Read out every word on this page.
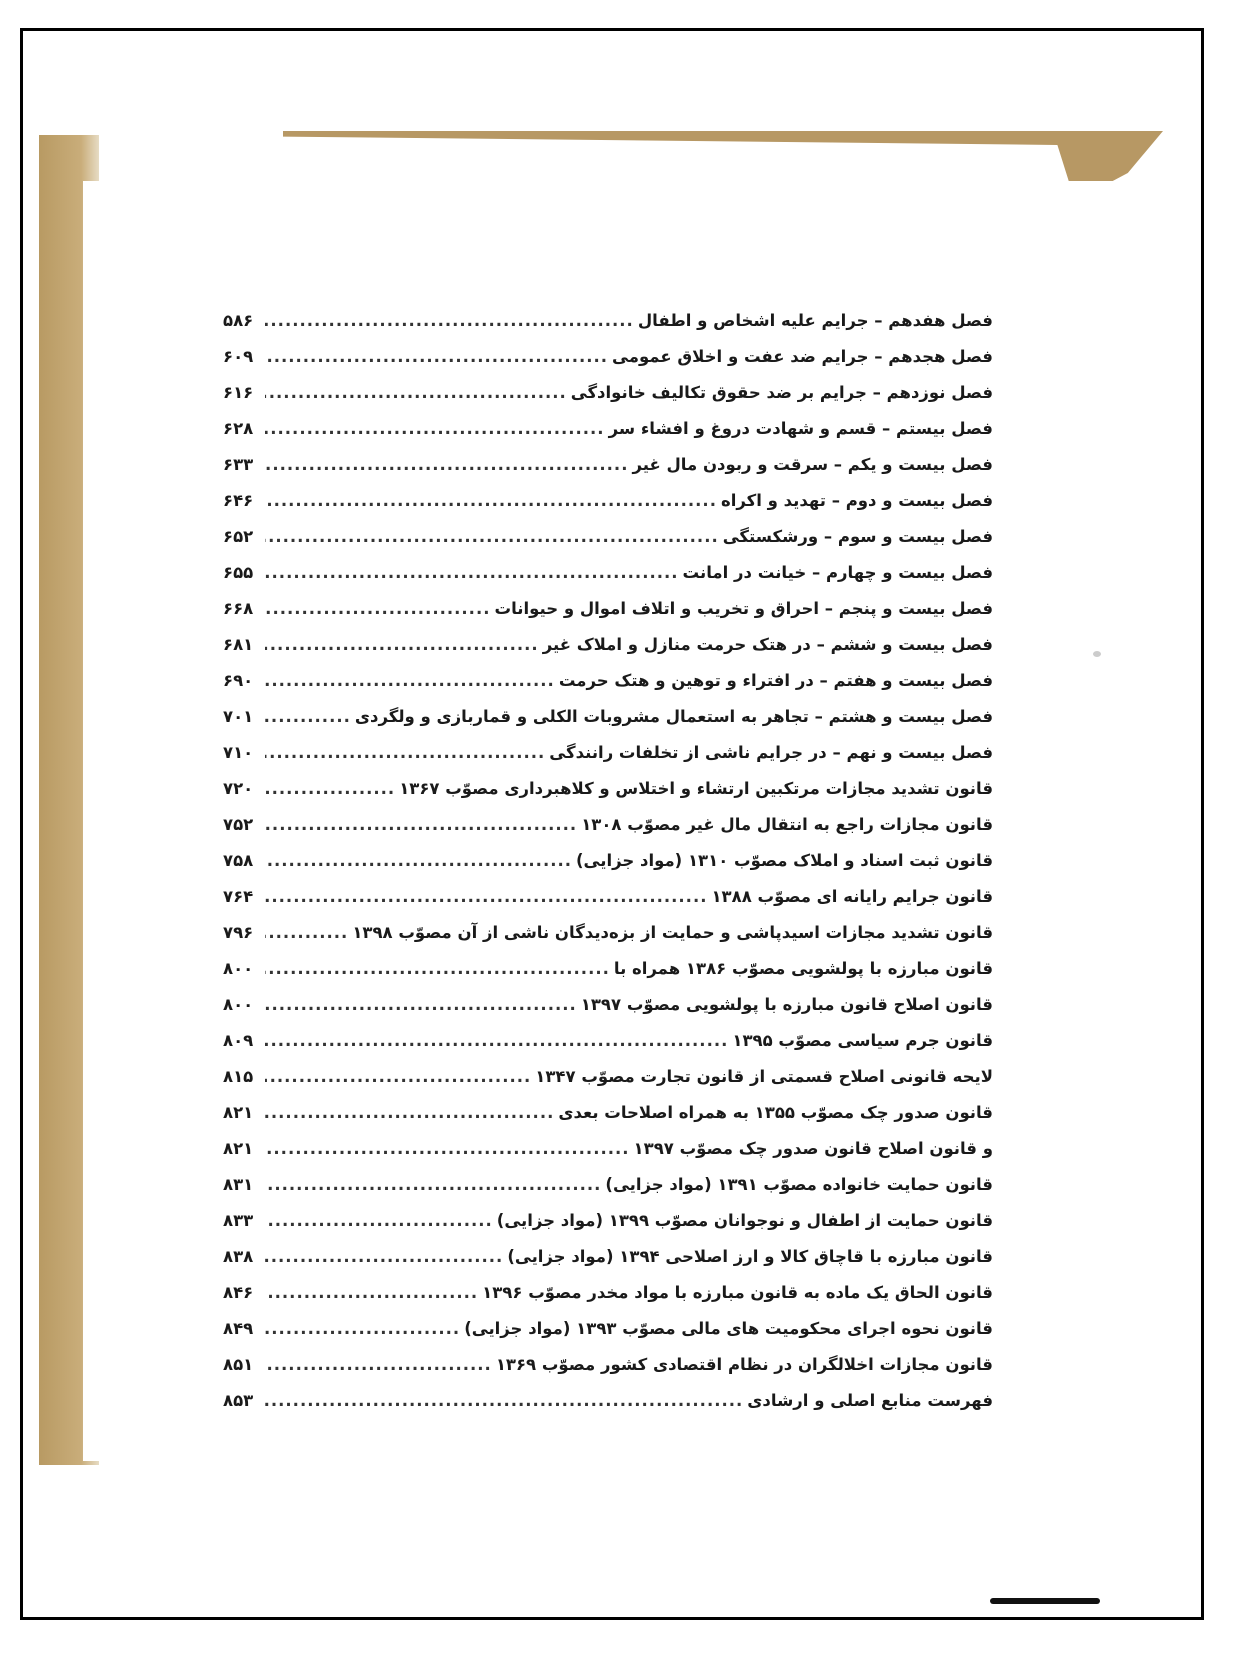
فصل هفدهم – جرایم علیه اشخاص و اطفال
.....
۵۸۶
فصل هجدهم – جرایم ضد عفت و اخلاق عمومی
.....
۶۰۹
فصل نوزدهم – جرایم بر ضد حقوق تکالیف خانوادگی
.....
۶۱۶
فصل بیستم – قسم و شهادت دروغ و افشاء سر
.....
۶۲۸
فصل بیست و یکم – سرقت و ربودن مال غیر
.....
۶۳۳
فصل بیست و دوم – تهدید و اکراه
.....
۶۴۶
فصل بیست و سوم – ورشکستگی
.....
۶۵۲
فصل بیست و چهارم – خیانت در امانت
.....
۶۵۵
فصل بیست و پنجم – احراق و تخریب و اتلاف اموال و حیوانات
.....
۶۶۸
فصل بیست و ششم – در هتک حرمت منازل و املاک غیر
.....
۶۸۱
فصل بیست و هفتم – در افتراء و توهین و هتک حرمت
.....
۶۹۰
فصل بیست و هشتم – تجاهر به استعمال مشروبات الکلی و قماربازی و ولگردی
.....
۷۰۱
فصل بیست و نهم – در جرایم ناشی از تخلفات رانندگی
.....
۷۱۰
قانون تشدید مجازات مرتکبین ارتشاء و اختلاس و کلاهبرداری مصوّب ۱۳۶۷
.....
۷۲۰
قانون مجازات راجع به انتقال مال غیر مصوّب ۱۳۰۸
.....
۷۵۲
قانون ثبت اسناد و املاک مصوّب ۱۳۱۰ (مواد جزایی)
.....
۷۵۸
قانون جرایم رایانه ای مصوّب ۱۳۸۸
.....
۷۶۴
قانون تشدید مجازات اسیدپاشی و حمایت از بزه‌دیدگان ناشی از آن مصوّب ۱۳۹۸
.....
۷۹۶
قانون مبارزه با پولشویی مصوّب ۱۳۸۶ همراه با
.....
۸۰۰
قانون اصلاح قانون مبارزه با پولشویی مصوّب ۱۳۹۷
.....
۸۰۰
قانون جرم سیاسی مصوّب ۱۳۹۵
.....
۸۰۹
لایحه قانونی اصلاح قسمتی از قانون تجارت مصوّب ۱۳۴۷
.....
۸۱۵
قانون صدور چک مصوّب ۱۳۵۵ به همراه اصلاحات بعدی
.....
۸۲۱
و قانون اصلاح قانون صدور چک مصوّب ۱۳۹۷
.....
۸۲۱
قانون حمایت خانواده مصوّب ۱۳۹۱ (مواد جزایی)
.....
۸۳۱
قانون حمایت از اطفال و نوجوانان مصوّب ۱۳۹۹ (مواد جزایی)
.....
۸۳۳
قانون مبارزه با قاچاق کالا و ارز اصلاحی ۱۳۹۴ (مواد جزایی)
.....
۸۳۸
قانون الحاق یک ماده به قانون مبارزه با مواد مخدر مصوّب ۱۳۹۶
.....
۸۴۶
قانون نحوه اجرای محکومیت های مالی مصوّب ۱۳۹۳ (مواد جزایی)
.....
۸۴۹
قانون مجازات اخلالگران در نظام اقتصادی کشور مصوّب ۱۳۶۹
.....
۸۵۱
فهرست منابع اصلی و ارشادی
.....
۸۵۳
